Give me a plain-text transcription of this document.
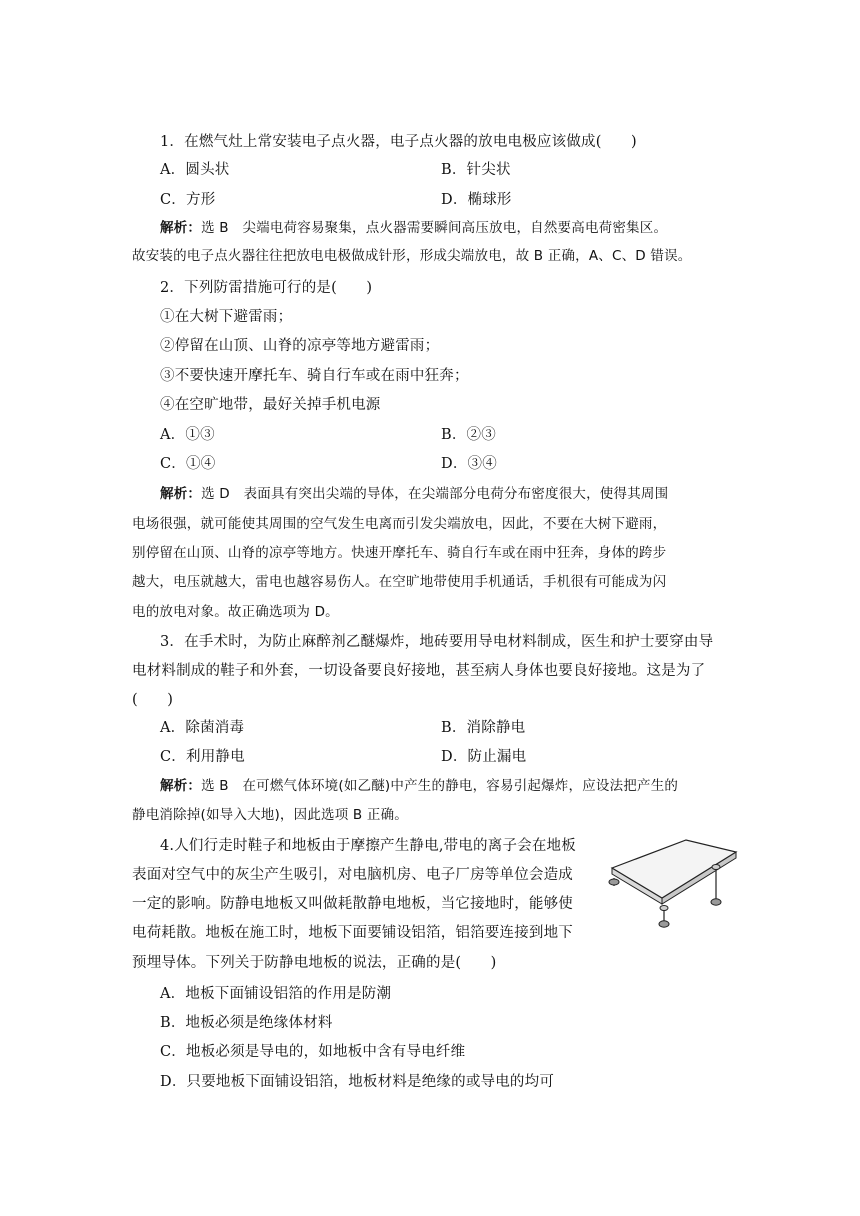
1．在燃气灶上常安装电子点火器，电子点火器的放电电极应该做成(　　)
A．圆头状	B．针尖状
C．方形	D．椭球形
解析：选 B　尖端电荷容易聚集，点火器需要瞬间高压放电，自然要高电荷密集区。
故安装的电子点火器往往把放电电极做成针形，形成尖端放电，故 B 正确，A、C、D 错误。
2．下列防雷措施可行的是(　　)
①在大树下避雷雨；
②停留在山顶、山脊的凉亭等地方避雷雨；
③不要快速开摩托车、骑自行车或在雨中狂奔；
④在空旷地带，最好关掉手机电源
A．①③	B．②③
C．①④	D．③④
解析：选 D　表面具有突出尖端的导体，在尖端部分电荷分布密度很大，使得其周围
电场很强，就可能使其周围的空气发生电离而引发尖端放电，因此，不要在大树下避雨，
别停留在山顶、山脊的凉亭等地方。快速开摩托车、骑自行车或在雨中狂奔，身体的跨步
越大，电压就越大，雷电也越容易伤人。在空旷地带使用手机通话，手机很有可能成为闪
电的放电对象。故正确选项为 D。
3．在手术时，为防止麻醉剂乙醚爆炸，地砖要用导电材料制成，医生和护士要穿由导
电材料制成的鞋子和外套，一切设备要良好接地，甚至病人身体也要良好接地。这是为了
(　　)
A．除菌消毒	B．消除静电
C．利用静电	D．防止漏电
解析：选 B　在可燃气体环境(如乙醚)中产生的静电，容易引起爆炸，应设法把产生的
静电消除掉(如导入大地)，因此选项 B 正确。
4.人们行走时鞋子和地板由于摩擦产生静电,带电的离子会在地板
表面对空气中的灰尘产生吸引，对电脑机房、电子厂房等单位会造成
一定的影响。防静电地板又叫做耗散静电地板，当它接地时，能够使
电荷耗散。地板在施工时，地板下面要铺设铝箔，铝箔要连接到地下
预埋导体。下列关于防静电地板的说法，正确的是(　　)
A．地板下面铺设铝箔的作用是防潮
B．地板必须是绝缘体材料
C．地板必须是导电的，如地板中含有导电纤维
D．只要地板下面铺设铝箔，地板材料是绝缘的或导电的均可
